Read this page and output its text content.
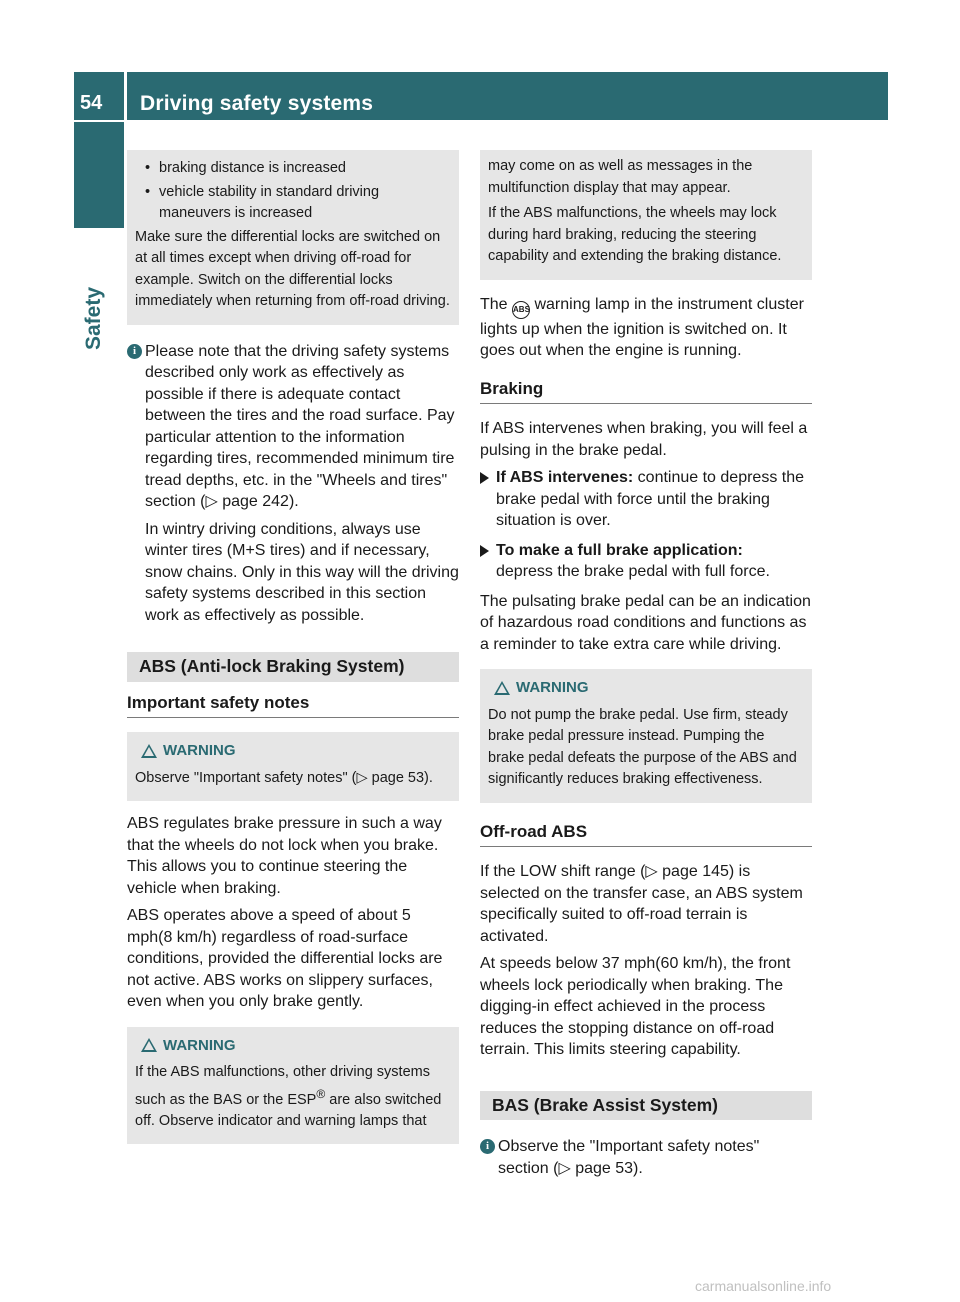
54 Driving safety systems
Safety
• braking distance is increased
• vehicle stability in standard driving maneuvers is increased

Make sure the differential locks are switched on at all times except when driving off-road for example. Switch on the differential locks immediately when returning from off-road driving.

i Please note that the driving safety systems described only work as effectively as possible if there is adequate contact between the tires and the road surface. Pay particular attention to the information regarding tires, recommended minimum tire tread depths, etc. in the "Wheels and tires" section (▷ page 242).

In wintry driving conditions, always use winter tires (M+S tires) and if necessary, snow chains. Only in this way will the driving safety systems described in this section work as effectively as possible.

ABS (Anti-lock Braking System)
Important safety notes
WARNING

Observe "Important safety notes" (▷ page 53).

ABS regulates brake pressure in such a way that the wheels do not lock when you brake. This allows you to continue steering the vehicle when braking.

ABS operates above a speed of about 5 mph(8 km/h) regardless of road-surface conditions, provided the differential locks are not active. ABS works on slippery surfaces, even when you only brake gently.

WARNING

If the ABS malfunctions, other driving systems such as the BAS or the ESP® are also switched off. Observe indicator and warning lamps that

may come on as well as messages in the multifunction display that may appear.

If the ABS malfunctions, the wheels may lock during hard braking, reducing the steering capability and extending the braking distance.

The ABS warning lamp in the instrument cluster lights up when the ignition is switched on. It goes out when the engine is running.

Braking

If ABS intervenes when braking, you will feel a pulsing in the brake pedal.

If ABS intervenes: continue to depress the brake pedal with force until the braking situation is over.
To make a full brake application:
depress the brake pedal with full force.

The pulsating brake pedal can be an indication of hazardous road conditions and functions as a reminder to take extra care while driving.

WARNING

Do not pump the brake pedal. Use firm, steady brake pedal pressure instead. Pumping the brake pedal defeats the purpose of the ABS and significantly reduces braking effectiveness.

Off-road ABS

If the LOW shift range (▷ page 145) is selected on the transfer case, an ABS system specifically suited to off-road terrain is activated.

At speeds below 37 mph(60 km/h), the front wheels lock periodically when braking. The digging-in effect achieved in the process reduces the stopping distance on off-road terrain. This limits steering capability.

BAS (Brake Assist System)
i Observe the "Important safety notes" section (▷ page 53).

carmanualsonline.info
